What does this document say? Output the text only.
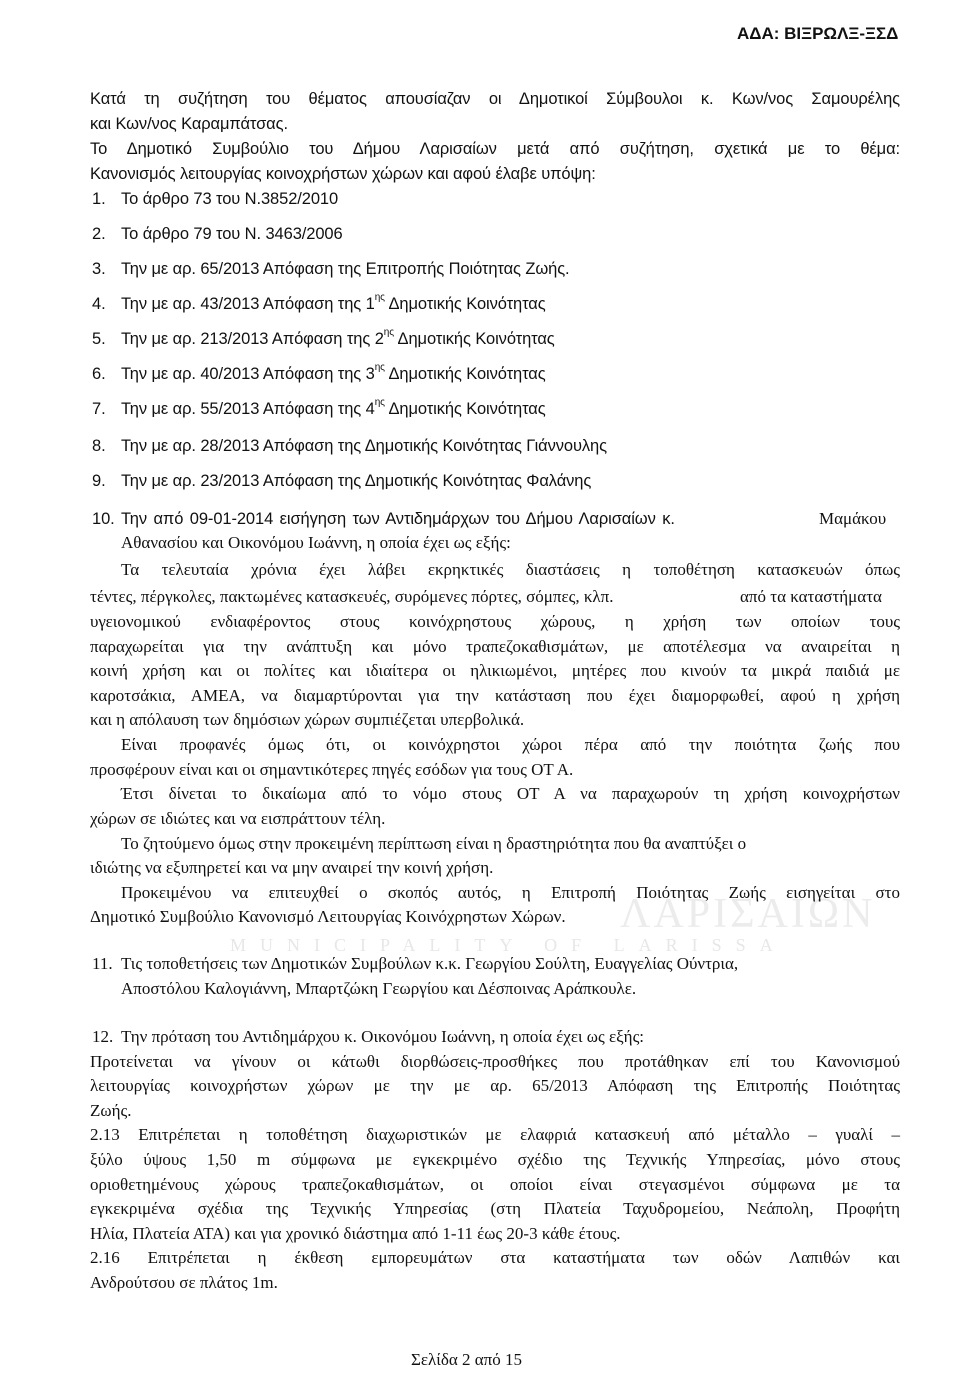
ΛΑΡΙΣΑΙΩΝ
MUNICIPALITY OF LARISSA
ΑΔΑ: ΒΙΞΡΩΛΞ-ΞΣΔ
Κατά τη συζήτηση του θέματος απουσίαζαν οι Δημοτικοί Σύμβουλοι κ. Κων/νος Σαμουρέλης
και Κων/νος Καραμπάτσας.
Το Δημοτικό Συμβούλιο του Δήμου Λαρισαίων μετά από συζήτηση, σχετικά με το θέμα:
Κανονισμός λειτουργίας κοινοχρήστων χώρων και αφού έλαβε υπόψη:
1. Το άρθρο 73 του Ν.3852/2010
2. Το άρθρο 79 του Ν. 3463/2006
3. Την με αρ. 65/2013 Απόφαση της Επιτροπής Ποιότητας Ζωής.
4. Την με αρ. 43/2013 Απόφαση της $1^{\eta\varsigma}$ Δημοτικής Κοινότητας
5. Την με αρ. 213/2013 Απόφαση της $2^{\eta\varsigma}$ Δημοτικής Κοινότητας
6. Την με αρ. 40/2013 Απόφαση της $3^{\eta\varsigma}$ Δημοτικής Κοινότητας
7. Την με αρ. 55/2013 Απόφαση της $4^{\eta\varsigma}$ Δημοτικής Κοινότητας
8. Την με αρ. 28/2013 Απόφαση της Δημοτικής Κοινότητας Γιάννουλης
9. Την με αρ. 23/2013 Απόφαση της Δημοτικής Κοινότητας Φαλάνης
10. Την από 09-01-2014 εισήγηση των Αντιδημάρχων του Δήμου Λαρισαίων κ.	Μαμάκου
Αθανασίου και Οικονόμου Ιωάννη, η οποία έχει ως εξής:
Τα τελευταία χρόνια έχει λάβει εκρηκτικές διαστάσεις η τοποθέτηση κατασκευών όπως
τέντες, πέργκολες, πακτωμένες κατασκευές, συρόμενες πόρτες, σόμπες, κλπ.	από τα καταστήματα
υγειονομικού ενδιαφέροντος στους κοινόχρηστους χώρους, η χρήση των οποίων τους
παραχωρείται για την ανάπτυξη και μόνο τραπεζοκαθισμάτων, με αποτέλεσμα να αναιρείται η
κοινή χρήση και οι πολίτες και ιδιαίτερα οι ηλικιωμένοι, μητέρες που κινούν τα μικρά παιδιά με
καροτσάκια, ΑΜΕΑ, να διαμαρτύρονται για την κατάσταση που έχει διαμορφωθεί, αφού η χρήση
και η απόλαυση των δημόσιων χώρων συμπιέζεται υπερβολικά.
Είναι προφανές όμως ότι, οι κοινόχρηστοι χώροι πέρα από την ποιότητα ζωής που
προσφέρουν είναι και οι σημαντικότερες πηγές εσόδων για τους ΟΤ Α.
Έτσι δίνεται το δικαίωμα από το νόμο στους ΟΤ Α να παραχωρούν τη χρήση κοινοχρήστων
χώρων σε ιδιώτες και να εισπράττουν τέλη.
Το ζητούμενο όμως στην προκειμένη περίπτωση είναι η δραστηριότητα που θα αναπτύξει ο
ιδιώτης να εξυπηρετεί και να μην αναιρεί την κοινή χρήση.
Προκειμένου να επιτευχθεί ο σκοπός αυτός, η Επιτροπή Ποιότητας Ζωής εισηγείται στο
Δημοτικό Συμβούλιο Κανονισμό Λειτουργίας Κοινόχρηστων Χώρων.
11. Τις τοποθετήσεις των Δημοτικών Συμβούλων κ.κ. Γεωργίου Σούλτη, Ευαγγελίας Ούντρια,
Αποστόλου Καλογιάννη, Μπαρτζώκη Γεωργίου και Δέσποινας Αράπκουλε.
12. Την πρόταση του Αντιδημάρχου κ. Οικονόμου Ιωάννη, η οποία έχει ως εξής:
Προτείνεται να γίνουν οι κάτωθι διορθώσεις-προσθήκες που προτάθηκαν επί του Κανονισμού
λειτουργίας κοινοχρήστων χώρων με την με αρ. 65/2013 Απόφαση της Επιτροπής Ποιότητας
Ζωής.
2.13 Επιτρέπεται η τοποθέτηση διαχωριστικών με ελαφριά κατασκευή από μέταλλο – γυαλί –
ξύλο ύψους 1,50 m σύμφωνα με εγκεκριμένο σχέδιο της Τεχνικής Υπηρεσίας, μόνο στους
οριοθετημένους χώρους τραπεζοκαθισμάτων, οι οποίοι είναι στεγασμένοι σύμφωνα με τα
εγκεκριμένα σχέδια της Τεχνικής Υπηρεσίας (στη Πλατεία Ταχυδρομείου, Νεάπολη, Προφήτη
Ηλία, Πλατεία ΑΤΑ) και για χρονικό διάστημα από 1-11 έως 20-3 κάθε έτους.
2.16 Επιτρέπεται η έκθεση εμπορευμάτων στα καταστήματα των οδών Λαπιθών και
Ανδρούτσου σε πλάτος 1m.
Σελίδα 2 από 15
